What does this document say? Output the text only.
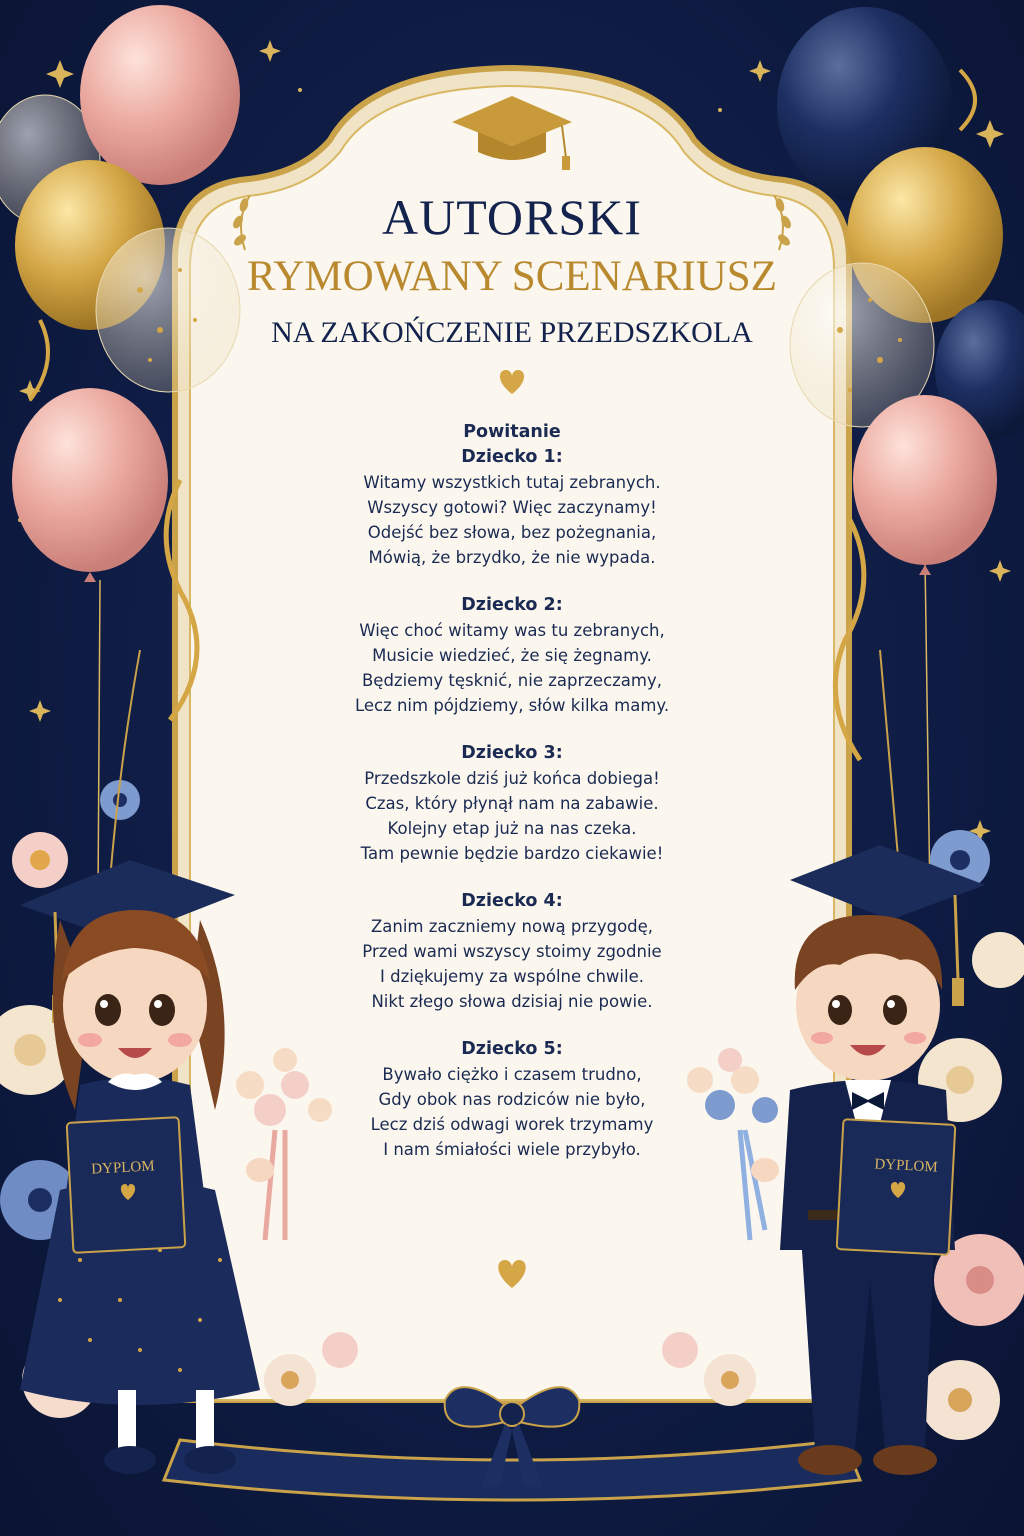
AUTORSKI
RYMOWANY SCENARIUSZ
NA ZAKOŃCZENIE PRZEDSZKOLA

Powitanie

Dziecko 1:

Witamy wszystkich tutaj zebranych.

Wszyscy gotowi? Więc zaczynamy!

Odejść bez słowa, bez pożegnania,

Mówią, że brzydko, że nie wypada.

Dziecko 2:

Więc choć witamy was tu zebranych,

Musicie wiedzieć, że się żegnamy.

Będziemy tęsknić, nie zaprzeczamy,

Lecz nim pójdziemy, słów kilka mamy.

Dziecko 3:

Przedszkole dziś już końca dobiega!

Czas, który płynął nam na zabawie.

Kolejny etap już na nas czeka.

Tam pewnie będzie bardzo ciekawie!

Dziecko 4:

Zanim zaczniemy nową przygodę,

Przed wami wszyscy stoimy zgodnie

I dziękujemy za wspólne chwile.

Nikt złego słowa dzisiaj nie powie.

Dziecko 5:

Bywało ciężko i czasem trudno,

Gdy obok nas rodziców nie było,

Lecz dziś odwagi worek trzymamy

I nam śmiałości wiele przybyło.

DYPLOM	DYPLOM
